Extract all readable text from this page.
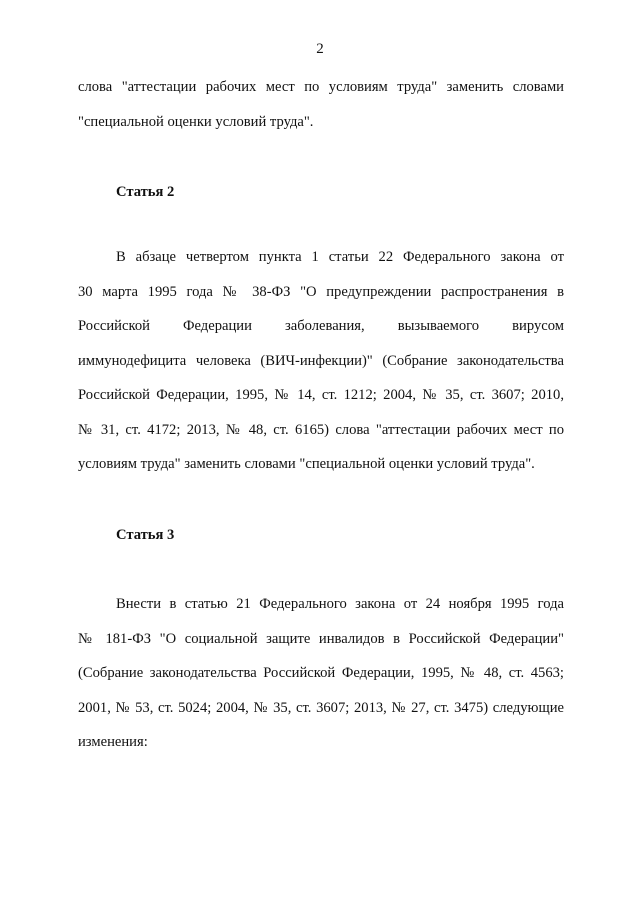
2
слова "аттестации рабочих мест по условиям труда" заменить словами
"специальной оценки условий труда".
Статья 2
В абзаце четвертом пункта 1 статьи 22 Федерального закона от
30 марта 1995 года № 38-ФЗ "О предупреждении распространения в
Российской Федерации заболевания, вызываемого вирусом
иммунодефицита человека (ВИЧ-инфекции)" (Собрание законодательства
Российской Федерации, 1995, № 14, ст. 1212; 2004, № 35, ст. 3607; 2010,
№ 31, ст. 4172; 2013, № 48, ст. 6165) слова "аттестации рабочих мест по
условиям труда" заменить словами "специальной оценки условий труда".
Статья 3
Внести в статью 21 Федерального закона от 24 ноября 1995 года
№ 181-ФЗ "О социальной защите инвалидов в Российской Федерации"
(Собрание законодательства Российской Федерации, 1995, № 48, ст. 4563;
2001, № 53, ст. 5024; 2004, № 35, ст. 3607; 2013, № 27, ст. 3475) следующие
изменения:
